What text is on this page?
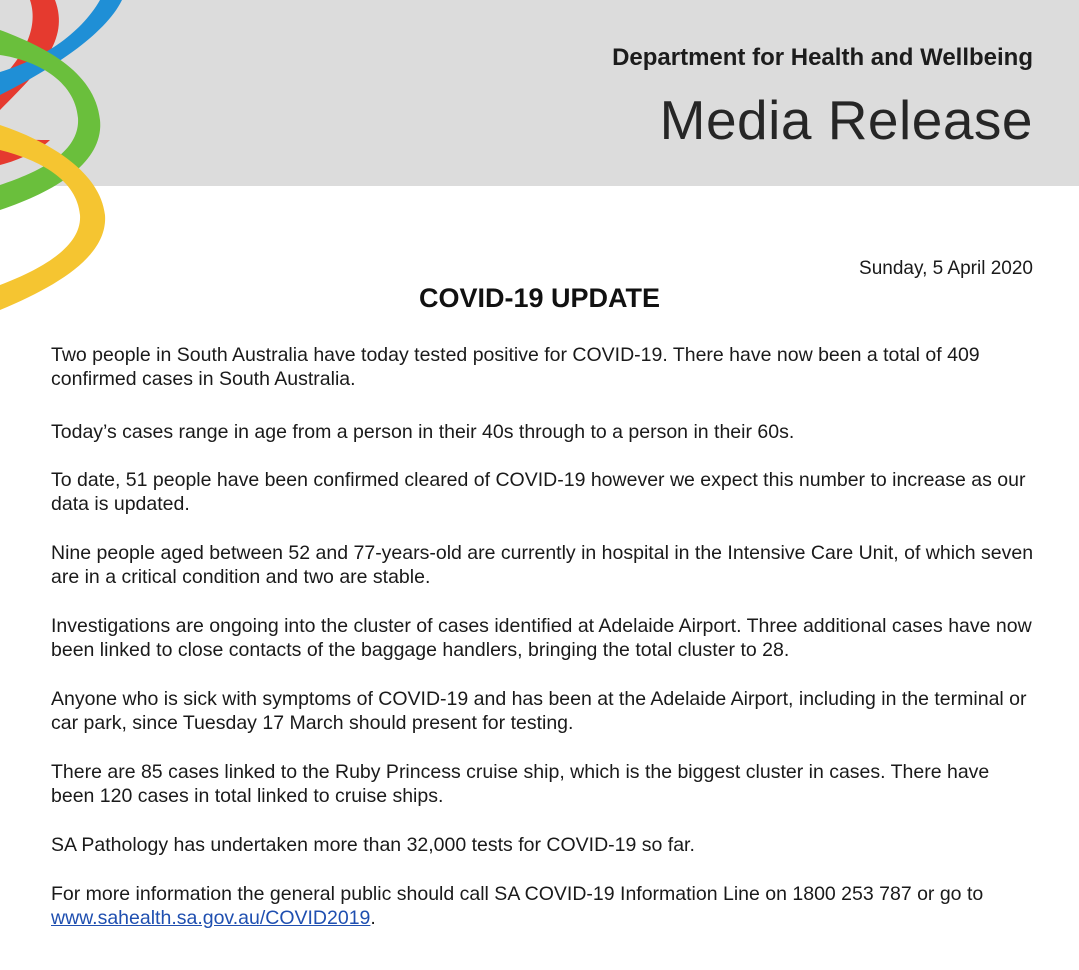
Department for Health and Wellbeing
Media Release
Sunday, 5 April 2020
COVID-19 UPDATE

Two people in South Australia have today tested positive for COVID-19. There have now been a total of 409 confirmed cases in South Australia.

Today’s cases range in age from a person in their 40s through to a person in their 60s.

To date, 51 people have been confirmed cleared of COVID-19 however we expect this number to increase as our data is updated.

Nine people aged between 52 and 77-years-old are currently in hospital in the Intensive Care Unit, of which seven are in a critical condition and two are stable.

Investigations are ongoing into the cluster of cases identified at Adelaide Airport. Three additional cases have now been linked to close contacts of the baggage handlers, bringing the total cluster to 28.

Anyone who is sick with symptoms of COVID-19 and has been at the Adelaide Airport, including in the terminal or car park, since Tuesday 17 March should present for testing.

There are 85 cases linked to the Ruby Princess cruise ship, which is the biggest cluster in cases. There have been 120 cases in total linked to cruise ships.

SA Pathology has undertaken more than 32,000 tests for COVID-19 so far.

For more information the general public should call SA COVID-19 Information Line on 1800 253 787 or go to www.sahealth.sa.gov.au/COVID2019.
